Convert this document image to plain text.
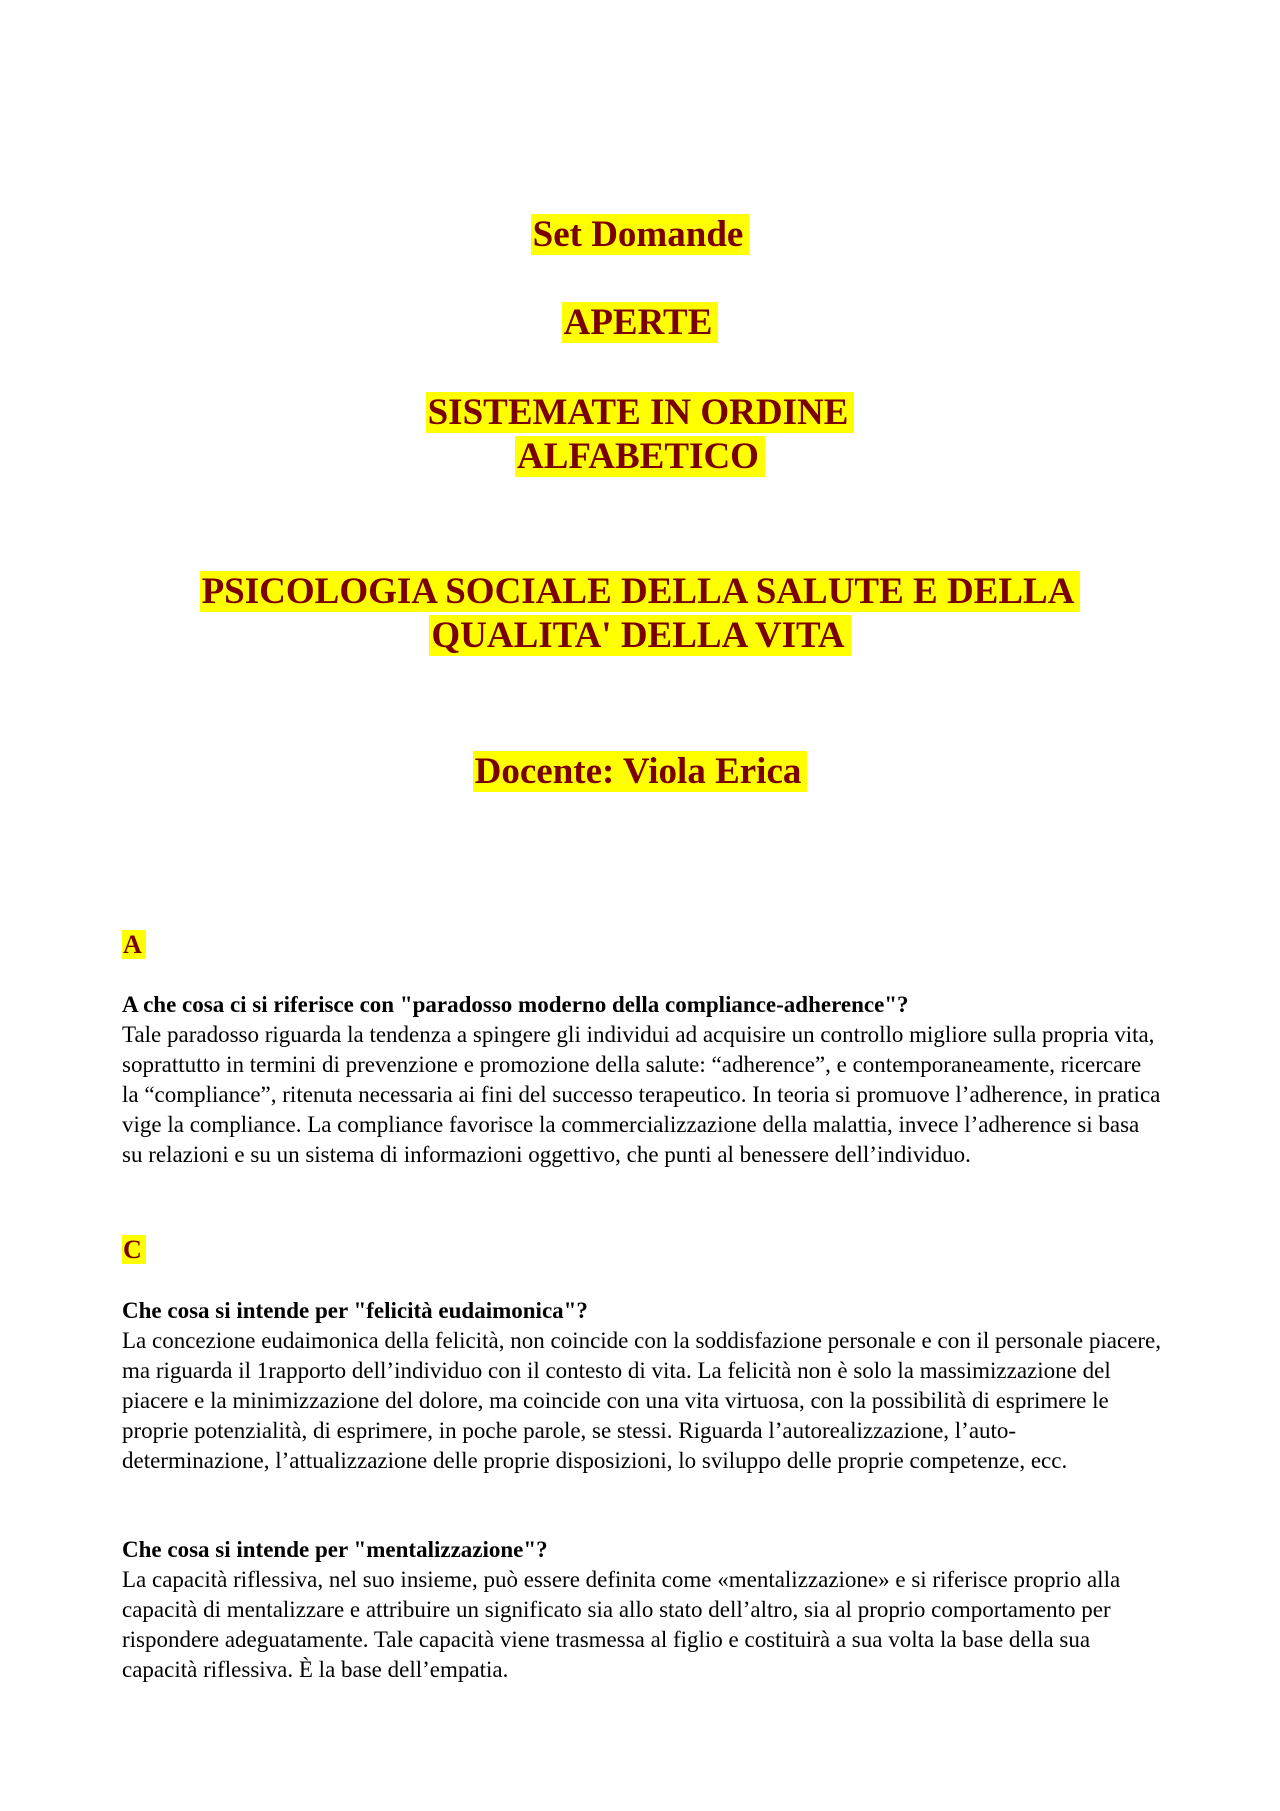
Set Domande
APERTE
SISTEMATE IN ORDINE
ALFABETICO
PSICOLOGIA SOCIALE DELLA SALUTE E DELLA
QUALITA' DELLA VITA
Docente: Viola Erica
A

A che cosa ci si riferisce con "paradosso moderno della compliance-adherence"?

Tale paradosso riguarda la tendenza a spingere gli individui ad acquisire un controllo migliore sulla propria vita, soprattutto in termini di prevenzione e promozione della salute: “adherence”, e contemporaneamente, ricercare la “compliance”, ritenuta necessaria ai fini del successo terapeutico. In teoria si promuove l’adherence, in pratica vige la compliance. La compliance favorisce la commercializzazione della malattia, invece l’adherence si basa su relazioni e su un sistema di informazioni oggettivo, che punti al benessere dell’individuo.

C

Che cosa si intende per "felicità eudaimonica"?

La concezione eudaimonica della felicità, non coincide con la soddisfazione personale e con il personale piacere, ma riguarda il 1rapporto dell’individuo con il contesto di vita. La felicità non è solo la massimizzazione del piacere e la minimizzazione del dolore, ma coincide con una vita virtuosa, con la possibilità di esprimere le proprie potenzialità, di esprimere, in poche parole, se stessi. Riguarda l’autorealizzazione, l’auto-determinazione, l’attualizzazione delle proprie disposizioni, lo sviluppo delle proprie competenze, ecc.

Che cosa si intende per "mentalizzazione"?

La capacità riflessiva, nel suo insieme, può essere definita come «mentalizzazione» e si riferisce proprio alla capacità di mentalizzare e attribuire un significato sia allo stato dell’altro, sia al proprio comportamento per rispondere adeguatamente. Tale capacità viene trasmessa al figlio e costituirà a sua volta la base della sua capacità riflessiva. È la base dell’empatia.
